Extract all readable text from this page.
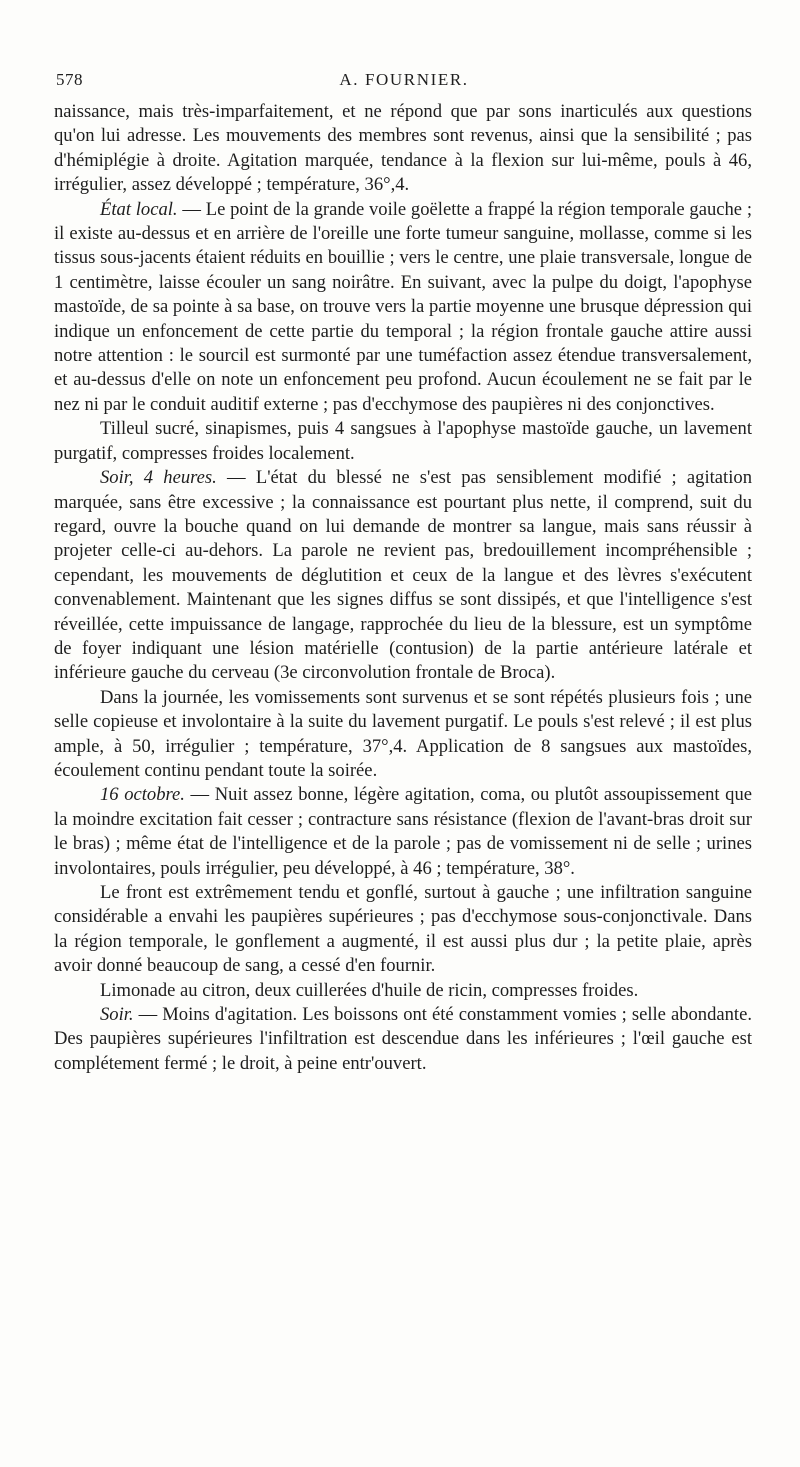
578	A. FOURNIER.

naissance, mais très-imparfaitement, et ne répond que par sons inarticulés aux questions qu'on lui adresse. Les mouvements des membres sont revenus, ainsi que la sensibilité ; pas d'hémiplégie à droite. Agitation marquée, tendance à la flexion sur lui-même, pouls à 46, irrégulier, assez développé ; température, 36°,4.

État local. — Le point de la grande voile goëlette a frappé la région temporale gauche ; il existe au-dessus et en arrière de l'oreille une forte tumeur sanguine, mollasse, comme si les tissus sous-jacents étaient réduits en bouillie ; vers le centre, une plaie transversale, longue de 1 centimètre, laisse écouler un sang noirâtre. En suivant, avec la pulpe du doigt, l'apophyse mastoïde, de sa pointe à sa base, on trouve vers la partie moyenne une brusque dépression qui indique un enfoncement de cette partie du temporal ; la région frontale gauche attire aussi notre attention : le sourcil est surmonté par une tuméfaction assez étendue transversalement, et au-dessus d'elle on note un enfoncement peu profond. Aucun écoulement ne se fait par le nez ni par le conduit auditif externe ; pas d'ecchymose des paupières ni des conjonctives.

Tilleul sucré, sinapismes, puis 4 sangsues à l'apophyse mastoïde gauche, un lavement purgatif, compresses froides localement.

Soir, 4 heures. — L'état du blessé ne s'est pas sensiblement modifié ; agitation marquée, sans être excessive ; la connaissance est pourtant plus nette, il comprend, suit du regard, ouvre la bouche quand on lui demande de montrer sa langue, mais sans réussir à projeter celle-ci au-dehors. La parole ne revient pas, bredouillement incompréhensible ; cependant, les mouvements de déglutition et ceux de la langue et des lèvres s'exécutent convenablement. Maintenant que les signes diffus se sont dissipés, et que l'intelligence s'est réveillée, cette impuissance de langage, rapprochée du lieu de la blessure, est un symptôme de foyer indiquant une lésion matérielle (contusion) de la partie antérieure latérale et inférieure gauche du cerveau (3e circonvolution frontale de Broca).

Dans la journée, les vomissements sont survenus et se sont répétés plusieurs fois ; une selle copieuse et involontaire à la suite du lavement purgatif. Le pouls s'est relevé ; il est plus ample, à 50, irrégulier ; température, 37°,4. Application de 8 sangsues aux mastoïdes, écoulement continu pendant toute la soirée.

16 octobre. — Nuit assez bonne, légère agitation, coma, ou plutôt assoupissement que la moindre excitation fait cesser ; contracture sans résistance (flexion de l'avant-bras droit sur le bras) ; même état de l'intelligence et de la parole ; pas de vomissement ni de selle ; urines involontaires, pouls irrégulier, peu développé, à 46 ; température, 38°.

Le front est extrêmement tendu et gonflé, surtout à gauche ; une infiltration sanguine considérable a envahi les paupières supérieures ; pas d'ecchymose sous-conjonctivale. Dans la région temporale, le gonflement a augmenté, il est aussi plus dur ; la petite plaie, après avoir donné beaucoup de sang, a cessé d'en fournir.

Limonade au citron, deux cuillerées d'huile de ricin, compresses froides.

Soir. — Moins d'agitation. Les boissons ont été constamment vomies ; selle abondante. Des paupières supérieures l'infiltration est descendue dans les inférieures ; l'œil gauche est complétement fermé ; le droit, à peine entr'ouvert.
